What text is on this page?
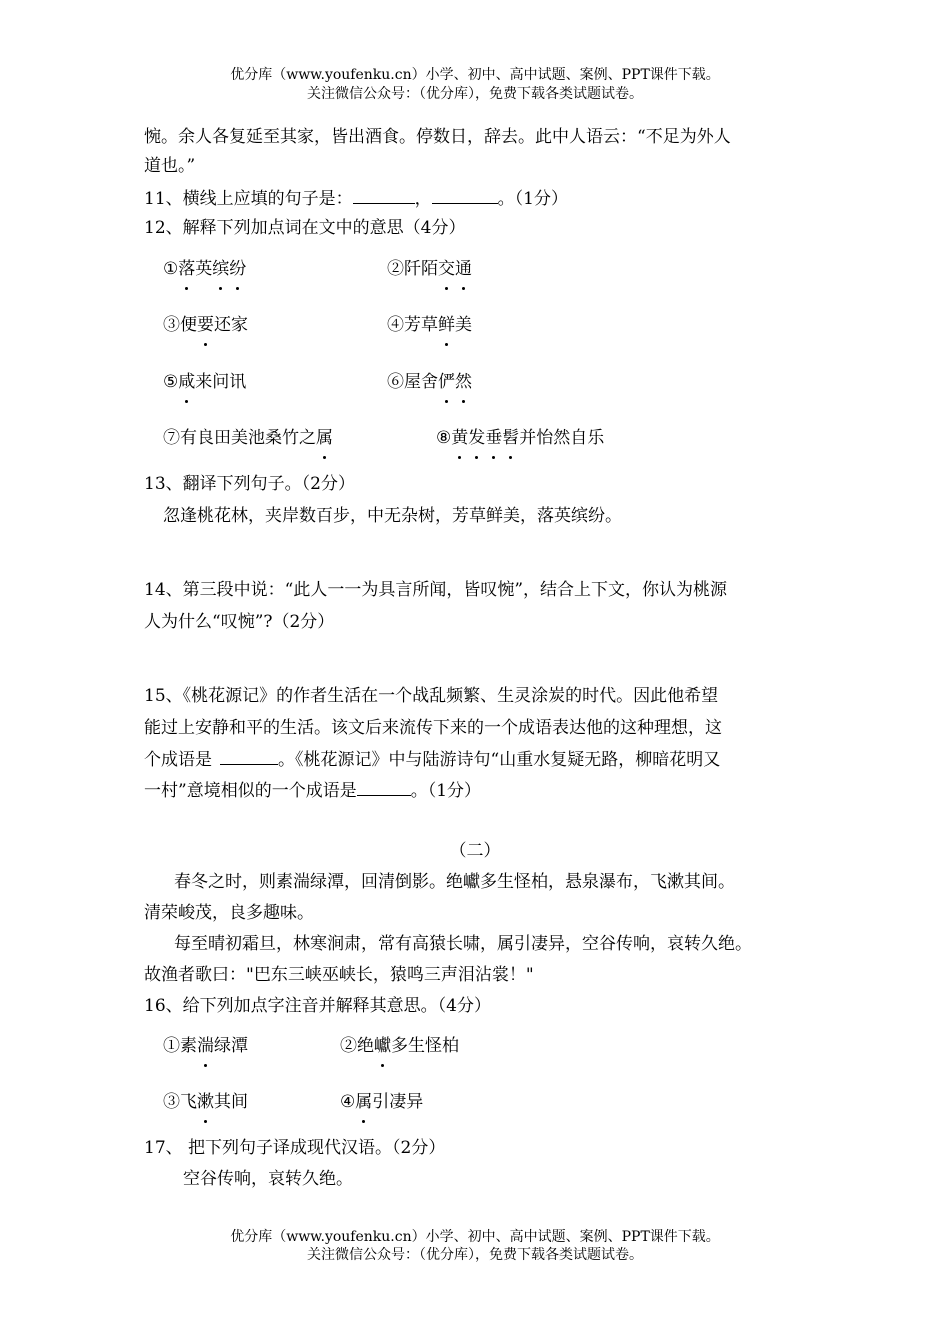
优分库（www.youfenku.cn）小学、初中、高中试题、案例、PPT课件下载。
关注微信公众号：（优分库），免费下载各类试题试卷。
惋。余人各复延至其家，皆出酒食。停数日，辞去。此中人语云：“不足为外人
道也。”
11、横线上应填的句子是：	，	。（1分）
12、解释下列加点词在文中的意思（4分）
①落英缤纷	②阡陌交通
③便要还家	④芳草鲜美
⑤咸来问讯	⑥屋舍俨然
⑦有良田美池桑竹之属	⑧黄发垂髫并怡然自乐
13、翻译下列句子。（2分）
忽逢桃花林，夹岸数百步，中无杂树，芳草鲜美，落英缤纷。
14、第三段中说：“此人一一为具言所闻，皆叹惋”，结合上下文，你认为桃源
人为什么“叹惋”?（2分）
15、《桃花源记》的作者生活在一个战乱频繁、生灵涂炭的时代。因此他希望
能过上安静和平的生活。该文后来流传下来的一个成语表达他的这种理想，这
个成语是	。《桃花源记》中与陆游诗句“山重水复疑无路，柳暗花明又
一村”意境相似的一个成语是	。（1分）
（二）
春冬之时，则素湍绿潭，回清倒影。绝巘多生怪柏，悬泉瀑布，飞漱其间。
清荣峻茂，良多趣味。
每至晴初霜旦，林寒涧肃，常有高猿长啸，属引凄异，空谷传响，哀转久绝。
故渔者歌曰："巴东三峡巫峡长，猿鸣三声泪沾裳！"
16、给下列加点字注音并解释其意思。（4分）
①素湍绿潭	②绝巘多生怪柏
③飞漱其间	④属引凄异
17、 把下列句子译成现代汉语。（2分）
空谷传响，哀转久绝。
优分库（www.youfenku.cn）小学、初中、高中试题、案例、PPT课件下载。
关注微信公众号：（优分库），免费下载各类试题试卷。
